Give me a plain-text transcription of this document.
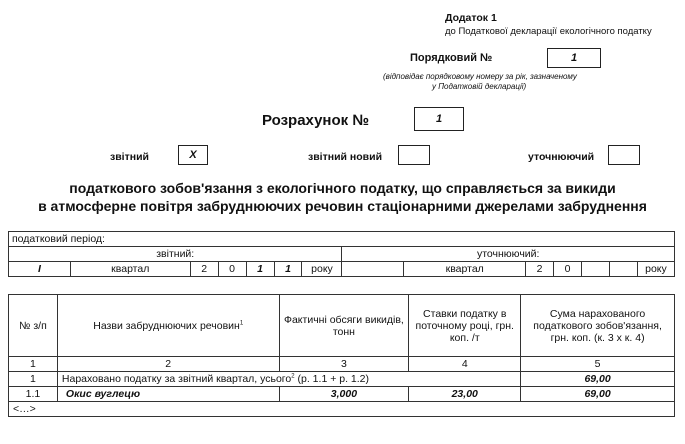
Додаток 1
до Податкової декларації екологічного податку
Порядковий №	1
(відповідає порядковому номеру за рік, зазначеному
у Податковій декларації)
Розрахунок №	1
звітний	Х	звітний новий	уточнюючий
податкового зобов'язання з екологічного податку, що справляється за викиди
в атмосферне повітря забруднюючих речовин стаціонарними джерелами забруднення
податковий період:													
звітний:							уточнюючий:						
I	квартал	2	0	1	1	року		квартал	2	0			року
№ з/п	Назви забруднюючих речовин$^1$	Фактичні обсяги викидів, тонн	Ставки податку в поточному році, грн. коп. /т	Сума нарахованого податкового зобов'язання, грн. коп. (к. 3 х к. 4)
1	2	3	4	5
1	Нараховано податку за звітний квартал, усього$^2$ (р. 1.1 + р. 1.2)			69,00
1.1	Окис вуглецю	3,000	23,00	69,00
<…>				
